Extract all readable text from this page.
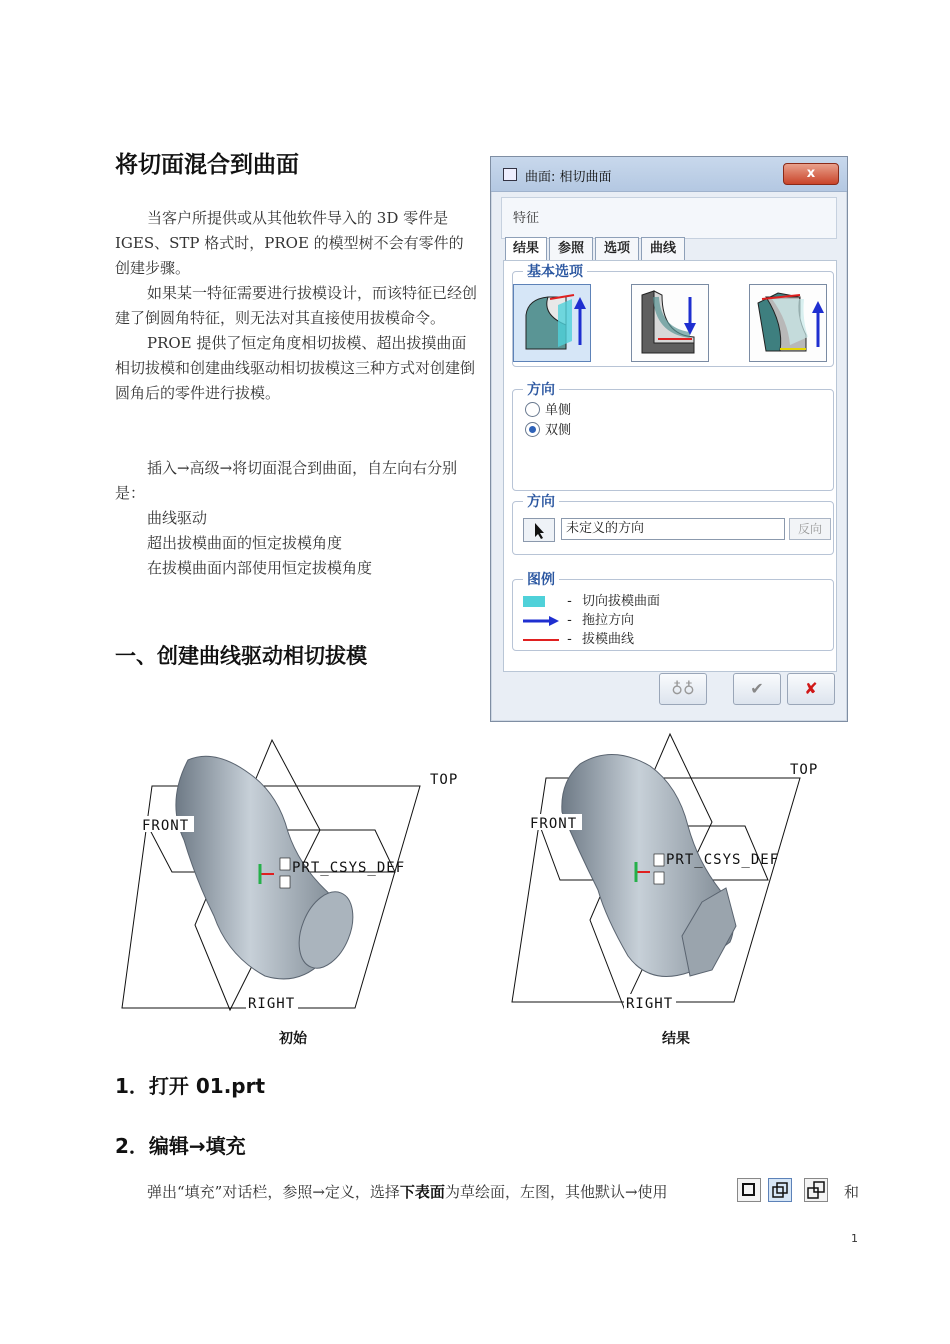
将切面混合到曲面

当客户所提供或从其他软件导入的 3D 零件是 IGES、STP 格式时，PROE 的模型树不会有零件的创建步骤。

如果某一特征需要进行拔模设计，而该特征已经创建了倒圆角特征，则无法对其直接使用拔模命令。

PROE 提供了恒定角度相切拔模、超出拔摸曲面相切拔模和创建曲线驱动相切拔模这三种方式对创建倒圆角后的零件进行拔模。

插入→高级→将切面混合到曲面，自左向右分别是：

曲线驱动
超出拔模曲面的恒定拔模角度
在拔模曲面内部使用恒定拔模角度
一、创建曲线驱动相切拔模
曲面: 相切曲面	x
特征
结果	参照	选项	曲线
基本选项
方向
单侧
双侧
方向
未定义的方向	反向
图例
- 切向拔模曲面
- 拖拉方向
- 拔模曲线
♁♁	✔	✘
TOP
FRONT
PRT_CSYS_DEF
RIGHT
TOP
FRONT
PRT_CSYS_DEF
RIGHT
初始	结果
1．打开 01.prt
2．编辑→填充
弹出“填充”对话栏，参照→定义，选择下表面为草绘面，左图，其他默认→使用	和
1
